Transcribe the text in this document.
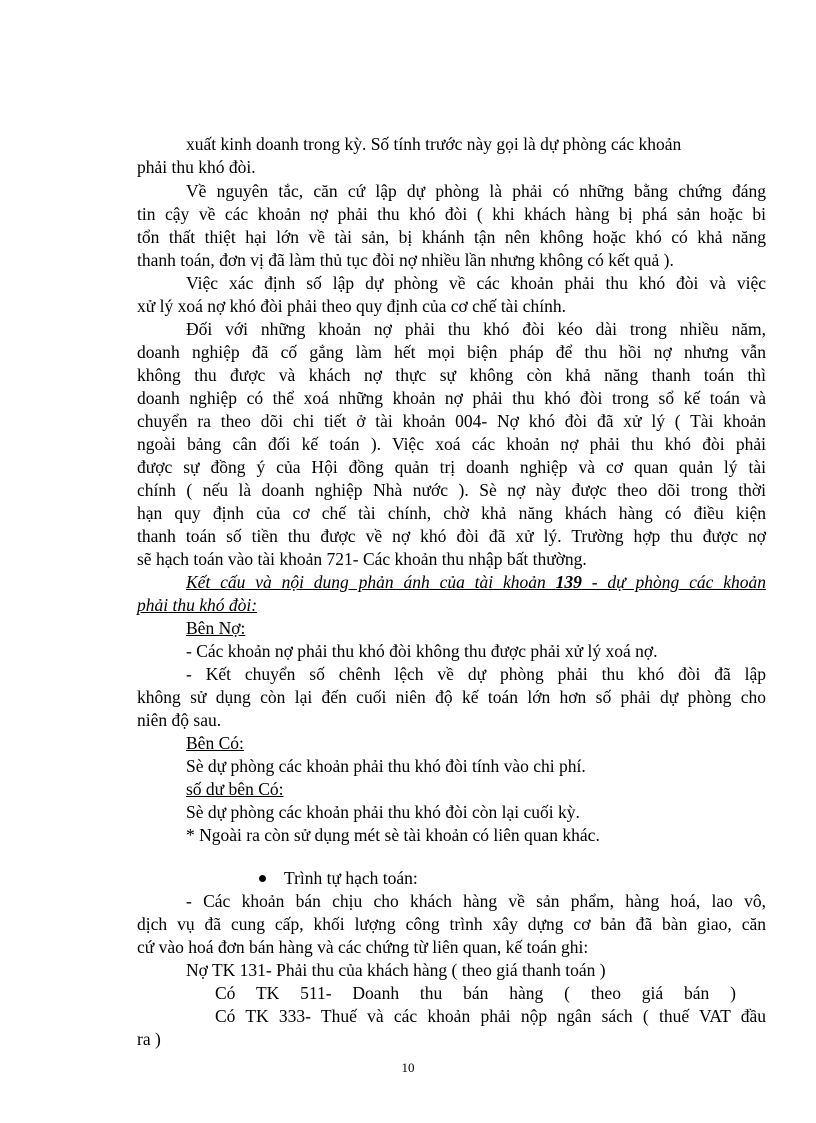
xuất kinh doanh trong kỳ. Số tính trước này gọi là dự phòng các khoản
phải thu khó đòi.
Về nguyên tắc, căn cứ lập dự phòng là phải có những bằng chứng đáng
tin cậy về các khoản nợ phải thu khó đòi ( khi khách hàng bị phá sản hoặc bi
tổn thất thiệt hại lớn về tài sản, bị khánh tận nên không hoặc khó có khả năng
thanh toán, đơn vị đã làm thủ tục đòi nợ nhiều lần nhưng không có kết quả ).
Việc xác định số lập dự phòng về các khoản phải thu khó đòi và việc
xử lý xoá nợ khó đòi phải theo quy định của cơ chế tài chính.
Đối với những khoản nợ phải thu khó đòi kéo dài trong nhiều năm,
doanh nghiệp đã cố gắng làm hết mọi biện pháp để thu hồi nợ nhưng vẫn
không thu được và khách nợ thực sự không còn khả năng thanh toán thì
doanh nghiệp có thể xoá những khoản nợ phải thu khó đòi trong sổ kế toán và
chuyển ra theo dõi chi tiết ở tài khoản 004- Nợ khó đòi đã xử lý ( Tài khoản
ngoài bảng cân đối kế toán ). Việc xoá các khoản nợ phải thu khó đòi phải
được sự đồng ý của Hội đồng quản trị doanh nghiệp và cơ quan quản lý tài
chính ( nếu là doanh nghiệp Nhà nước ). Sè nợ này được theo dõi trong thời
hạn quy định của cơ chế tài chính, chờ khả năng khách hàng có điều kiện
thanh toán số tiền thu được về nợ khó đòi đã xử lý. Trường hợp thu được nợ
sẽ hạch toán vào tài khoản 721- Các khoản thu nhập bất thường.
Kết cấu và nội dung phản ánh của tài khoản 139 - dự phòng các khoản
phải thu khó đòi:
Bên Nợ:
- Các khoản nợ phải thu khó đòi không thu được phải xử lý xoá nợ.
- Kết chuyển số chênh lệch về dự phòng phải thu khó đòi đã lập
không sử dụng còn lại đến cuối niên độ kế toán lớn hơn số phải dự phòng cho
niên độ sau.
Bên Có:
Sè dự phòng các khoản phải thu khó đòi tính vào chi phí.
số dư bên Có:
Sè dự phòng các khoản phải thu khó đòi còn lại cuối kỳ.
* Ngoài ra còn sử dụng mét sè tài khoản có liên quan khác.
Trình tự hạch toán:
- Các khoản bán chịu cho khách hàng về sản phẩm, hàng hoá, lao vô,
dịch vụ đã cung cấp, khối lượng công trình xây dựng cơ bản đã bàn giao, căn
cứ vào hoá đơn bán hàng và các chứng từ liên quan, kế toán ghi:
Nợ TK 131- Phải thu của khách hàng ( theo giá thanh toán )
Có TK 511- Doanh thu bán hàng ( theo giá bán )
Có TK 333- Thuế và các khoản phải nộp ngân sách ( thuế VAT đầu
ra )
10
